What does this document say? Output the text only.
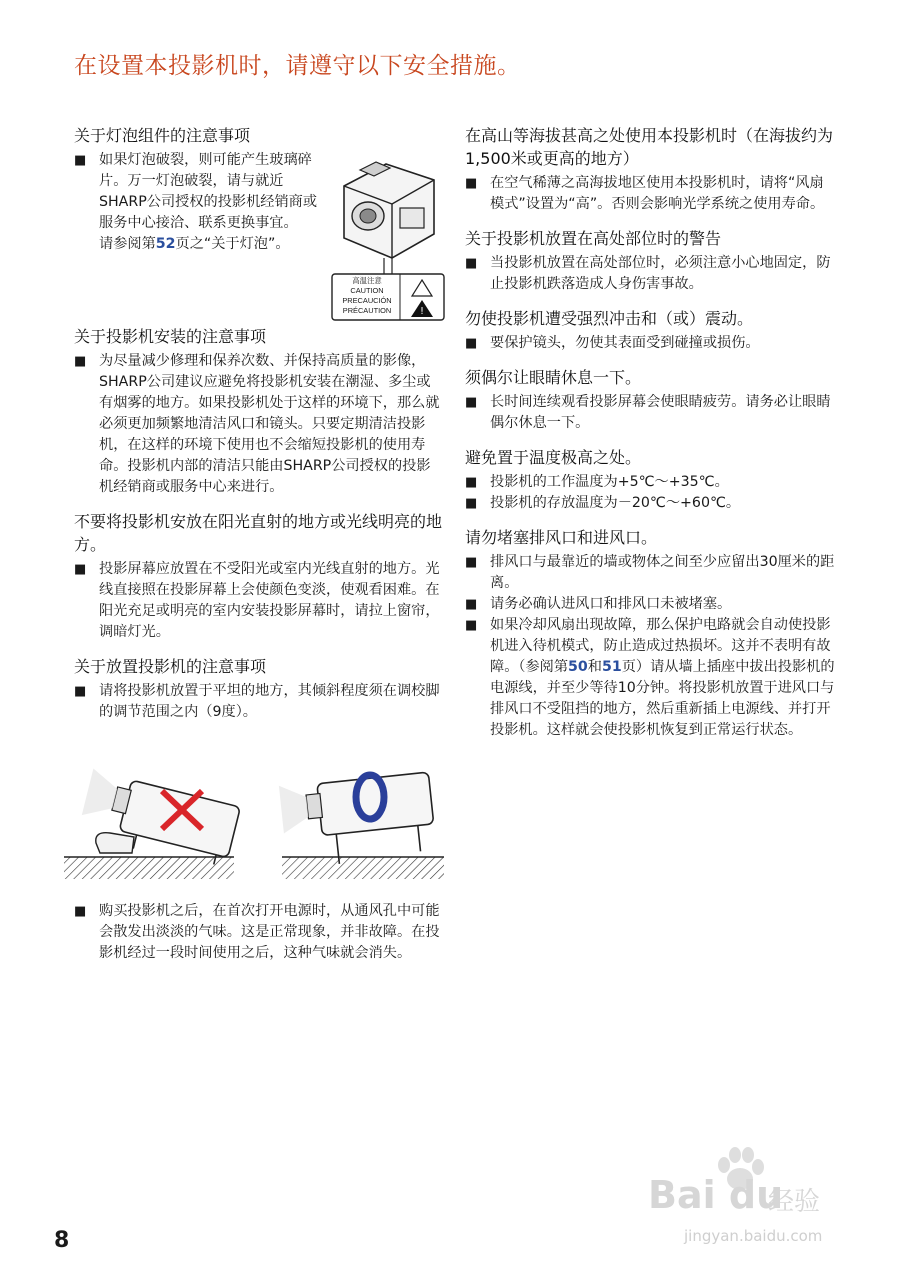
在设置本投影机时，请遵守以下安全措施。
关于灯泡组件的注意事项

■ 如果灯泡破裂，则可能产生玻璃碎片。万一灯泡破裂，请与就近SHARP公司授权的投影机经销商或服务中心接洽、联系更换事宜。
请参阅第52页之“关于灯泡”。

!
高温注意
CAUTION
PRECAUCIÓN
PRÉCAUTION
关于投影机安装的注意事项

■ 为尽量减少修理和保养次数、并保持高质量的影像，SHARP公司建议应避免将投影机安装在潮湿、多尘或有烟雾的地方。如果投影机处于这样的环境下，那么就必须更加频繁地清洁风口和镜头。只要定期清洁投影机，在这样的环境下使用也不会缩短投影机的使用寿命。投影机内部的清洁只能由SHARP公司授权的投影机经销商或服务中心来进行。

不要将投影机安放在阳光直射的地方或光线明亮的地方。

■ 投影屏幕应放置在不受阳光或室内光线直射的地方。光线直接照在投影屏幕上会使颜色变淡，使观看困难。在阳光充足或明亮的室内安装投影屏幕时，请拉上窗帘，调暗灯光。

关于放置投影机的注意事项

■ 请将投影机放置于平坦的地方，其倾斜程度须在调校脚的调节范围之内（9度）。

■ 购买投影机之后，在首次打开电源时，从通风孔中可能会散发出淡淡的气味。这是正常现象，并非故障。在投影机经过一段时间使用之后，这种气味就会消失。

在高山等海拔甚高之处使用本投影机时（在海拔约为1,500米或更高的地方）

■ 在空气稀薄之高海拔地区使用本投影机时，请将“风扇模式”设置为“高”。否则会影响光学系统之使用寿命。

关于投影机放置在高处部位时的警告

■ 当投影机放置在高处部位时，必须注意小心地固定，防止投影机跌落造成人身伤害事故。

勿使投影机遭受强烈冲击和（或）震动。

■ 要保护镜头，勿使其表面受到碰撞或损伤。

须偶尔让眼睛休息一下。

■ 长时间连续观看投影屏幕会使眼睛疲劳。请务必让眼睛偶尔休息一下。

避免置于温度极高之处。

■ 投影机的工作温度为+5℃～+35℃。

■ 投影机的存放温度为－20℃～+60℃。

请勿堵塞排风口和进风口。

■ 排风口与最靠近的墙或物体之间至少应留出30厘米的距离。

■ 请务必确认进风口和排风口未被堵塞。

■ 如果冷却风扇出现故障，那么保护电路就会自动使投影机进入待机模式，防止造成过热损坏。这并不表明有故障。（参阅第50和51页）请从墙上插座中拔出投影机的电源线，并至少等待10分钟。将投影机放置于进风口与排风口不受阻挡的地方，然后重新插上电源线、并打开投影机。这样就会使投影机恢复到正常运行状态。

8
Bai du
经验
jingyan.baidu.com
